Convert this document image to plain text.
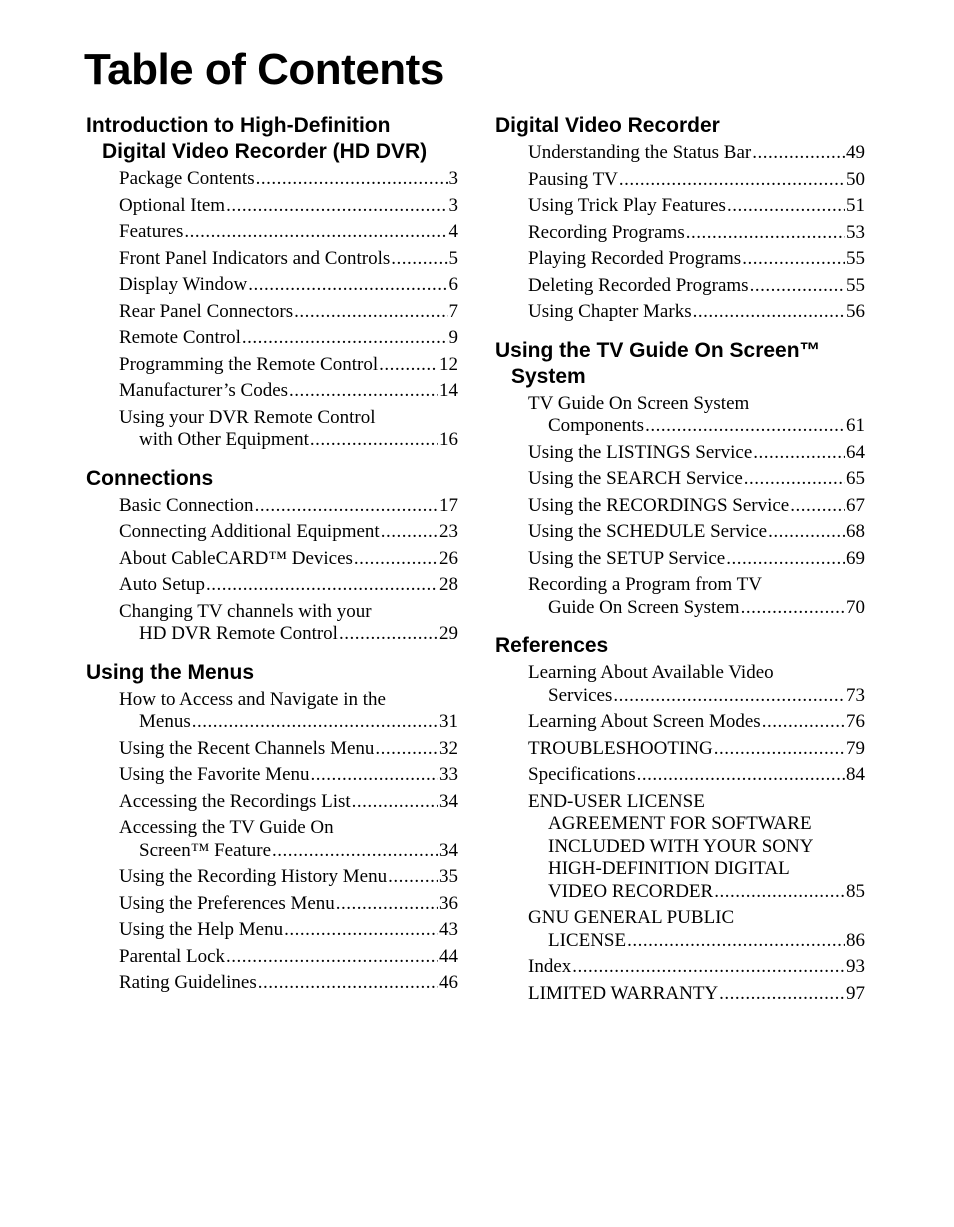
Table of Contents
Introduction to High-Definition Digital Video Recorder (HD DVR)
Package Contents .....	3
Optional Item .....	3
Features .....	4
Front Panel Indicators and Controls .....	5
Display Window .....	6
Rear Panel Connectors .....	7
Remote Control .....	9
Programming the Remote Control .....	12
Manufacturer’s Codes .....	14
Using your DVR Remote Control
with Other Equipment .....	16
Connections
Basic Connection .....	17
Connecting Additional Equipment .....	23
About CableCARD™ Devices .....	26
Auto Setup .....	28
Changing TV channels with your
HD DVR Remote Control .....	29
Using the Menus
How to Access and Navigate in the
Menus .....	31
Using the Recent Channels Menu .....	32
Using the Favorite Menu .....	33
Accessing the Recordings List .....	34
Accessing the TV Guide On
Screen™ Feature .....	34
Using the Recording History Menu .....	35
Using the Preferences Menu .....	36
Using the Help Menu .....	43
Parental Lock .....	44
Rating Guidelines .....	46
Digital Video Recorder
Understanding the Status Bar .....	49
Pausing TV .....	50
Using Trick Play Features .....	51
Recording Programs .....	53
Playing Recorded Programs .....	55
Deleting Recorded Programs .....	55
Using Chapter Marks .....	56
Using the TV Guide On Screen™ System
TV Guide On Screen System
Components .....	61
Using the LISTINGS Service .....	64
Using the SEARCH Service .....	65
Using the RECORDINGS Service .....	67
Using the SCHEDULE Service .....	68
Using the SETUP Service .....	69
Recording a Program from TV
Guide On Screen System .....	70
References
Learning About Available Video
Services .....	73
Learning About Screen Modes .....	76
TROUBLESHOOTING .....	79
Specifications .....	84
END-USER LICENSE
AGREEMENT FOR SOFTWARE
INCLUDED WITH YOUR SONY
HIGH-DEFINITION DIGITAL
VIDEO RECORDER .....	85
GNU GENERAL PUBLIC
LICENSE .....	86
Index .....	93
LIMITED WARRANTY .....	97
